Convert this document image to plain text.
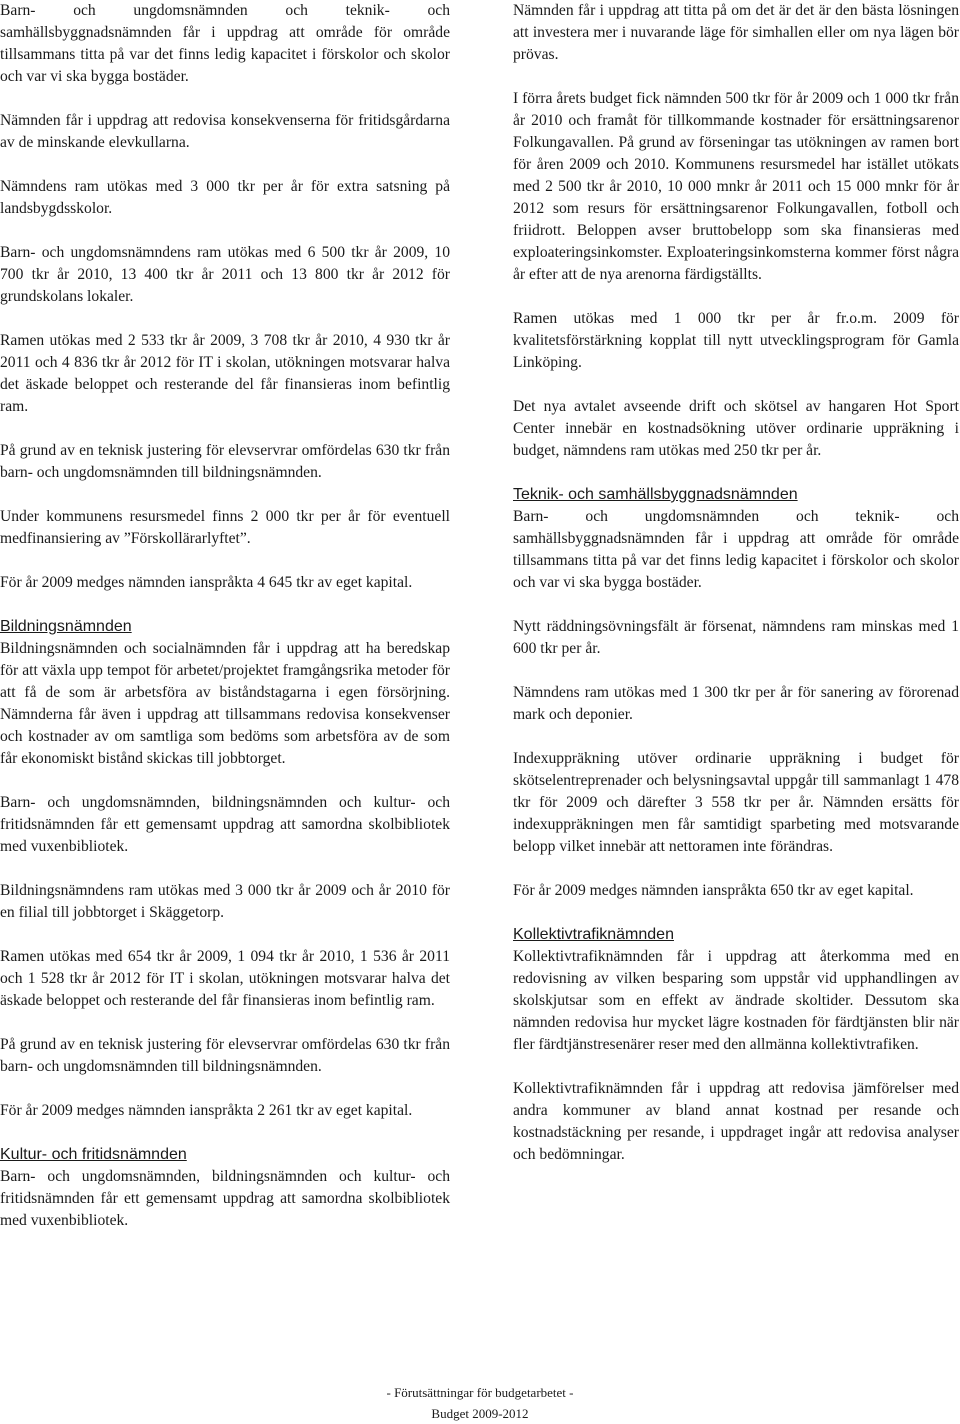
Barn- och ungdomsnämnden och teknik- och samhällsbyggnadsnämnden får i uppdrag att område för område tillsammans titta på var det finns ledig kapacitet i förskolor och skolor och var vi ska bygga bostäder.

Nämnden får i uppdrag att redovisa konsekvenserna för fritidsgårdarna av de minskande elevkullarna.

Nämndens ram utökas med 3 000 tkr per år för extra satsning på landsbygdsskolor.

Barn- och ungdomsnämndens ram utökas med 6 500 tkr år 2009, 10 700 tkr år 2010, 13 400 tkr år 2011 och 13 800 tkr år 2012 för grundskolans lokaler.

Ramen utökas med 2 533 tkr år 2009, 3 708 tkr år 2010, 4 930 tkr år 2011 och 4 836 tkr år 2012 för IT i skolan, utökningen motsvarar halva det äskade beloppet och resterande del får finansieras inom befintlig ram.

På grund av en teknisk justering för elevservrar omfördelas 630 tkr från barn- och ungdomsnämnden till bildningsnämnden.

Under kommunens resursmedel finns 2 000 tkr per år för eventuell medfinansiering av ”Förskollärarlyftet”.

För år 2009 medges nämnden ianspråkta 4 645 tkr av eget kapital.

Bildningsnämnden

Bildningsnämnden och socialnämnden får i uppdrag att ha beredskap för att växla upp tempot för arbetet/projektet framgångsrika metoder för att få de som är arbetsföra av biståndstagarna i egen försörjning. Nämnderna får även i uppdrag att tillsammans redovisa konsekvenser och kostnader av om samtliga som bedöms som arbetsföra av de som får ekonomiskt bistånd skickas till jobbtorget.

Barn- och ungdomsnämnden, bildningsnämnden och kultur- och fritidsnämnden får ett gemensamt uppdrag att samordna skolbibliotek med vuxenbibliotek.

Bildningsnämndens ram utökas med 3 000 tkr år 2009 och år 2010 för en filial till jobbtorget i Skäggetorp.

Ramen utökas med 654 tkr år 2009, 1 094 tkr år 2010, 1 536 år 2011 och 1 528 tkr år 2012 för IT i skolan, utökningen motsvarar halva det äskade beloppet och resterande del får finansieras inom befintlig ram.

På grund av en teknisk justering för elevservrar omfördelas 630 tkr från barn- och ungdomsnämnden till bildningsnämnden.

För år 2009 medges nämnden ianspråkta 2 261 tkr av eget kapital.

Kultur- och fritidsnämnden

Barn- och ungdomsnämnden, bildningsnämnden och kultur- och fritidsnämnden får ett gemensamt uppdrag att samordna skolbibliotek med vuxenbibliotek.

Nämnden får i uppdrag att titta på om det är det är den bästa lösningen att investera mer i nuvarande läge för simhallen eller om nya lägen bör prövas.

I förra årets budget fick nämnden 500 tkr för år 2009 och 1 000 tkr från år 2010 och framåt för tillkommande kostnader för ersättningsarenor Folkungavallen. På grund av förseningar tas utökningen av ramen bort för åren 2009 och 2010. Kommunens resursmedel har istället utökats med 2 500 tkr år 2010, 10 000 mnkr år 2011 och 15 000 mnkr för år 2012 som resurs för ersättningsarenor Folkungavallen, fotboll och friidrott. Beloppen avser bruttobelopp som ska finansieras med exploateringsinkomster. Exploateringsinkomsterna kommer först några år efter att de nya arenorna färdigställts.

Ramen utökas med 1 000 tkr per år fr.o.m. 2009 för kvalitetsförstärkning kopplat till nytt utvecklingsprogram för Gamla Linköping.

Det nya avtalet avseende drift och skötsel av hangaren Hot Sport Center innebär en kostnadsökning utöver ordinarie uppräkning i budget, nämndens ram utökas med 250 tkr per år.

Teknik- och samhällsbyggnadsnämnden

Barn- och ungdomsnämnden och teknik- och samhällsbyggnadsnämnden får i uppdrag att område för område tillsammans titta på var det finns ledig kapacitet i förskolor och skolor och var vi ska bygga bostäder.

Nytt räddningsövningsfält är försenat, nämndens ram minskas med 1 600 tkr per år.

Nämndens ram utökas med 1 300 tkr per år för sanering av förorenad mark och deponier.

Indexuppräkning utöver ordinarie uppräkning i budget för skötselentreprenader och belysningsavtal uppgår till sammanlagt 1 478 tkr för 2009 och därefter 3 558 tkr per år. Nämnden ersätts för indexuppräkningen men får samtidigt sparbeting med motsvarande belopp vilket innebär att nettoramen inte förändras.

För år 2009 medges nämnden ianspråkta 650 tkr av eget kapital.

Kollektivtrafiknämnden

Kollektivtrafiknämnden får i uppdrag att återkomma med en redovisning av vilken besparing som uppstår vid upphandlingen av skolskjutsar som en effekt av ändrade skoltider. Dessutom ska nämnden redovisa hur mycket lägre kostnaden för färdtjänsten blir när fler färdtjänstresenärer reser med den allmänna kollektivtrafiken.

Kollektivtrafiknämnden får i uppdrag att redovisa jämförelser med andra kommuner av bland annat kostnad per resande och kostnadstäckning per resande, i uppdraget ingår att redovisa analyser och bedömningar.

- Förutsättningar för budgetarbetet -
Budget 2009-2012
